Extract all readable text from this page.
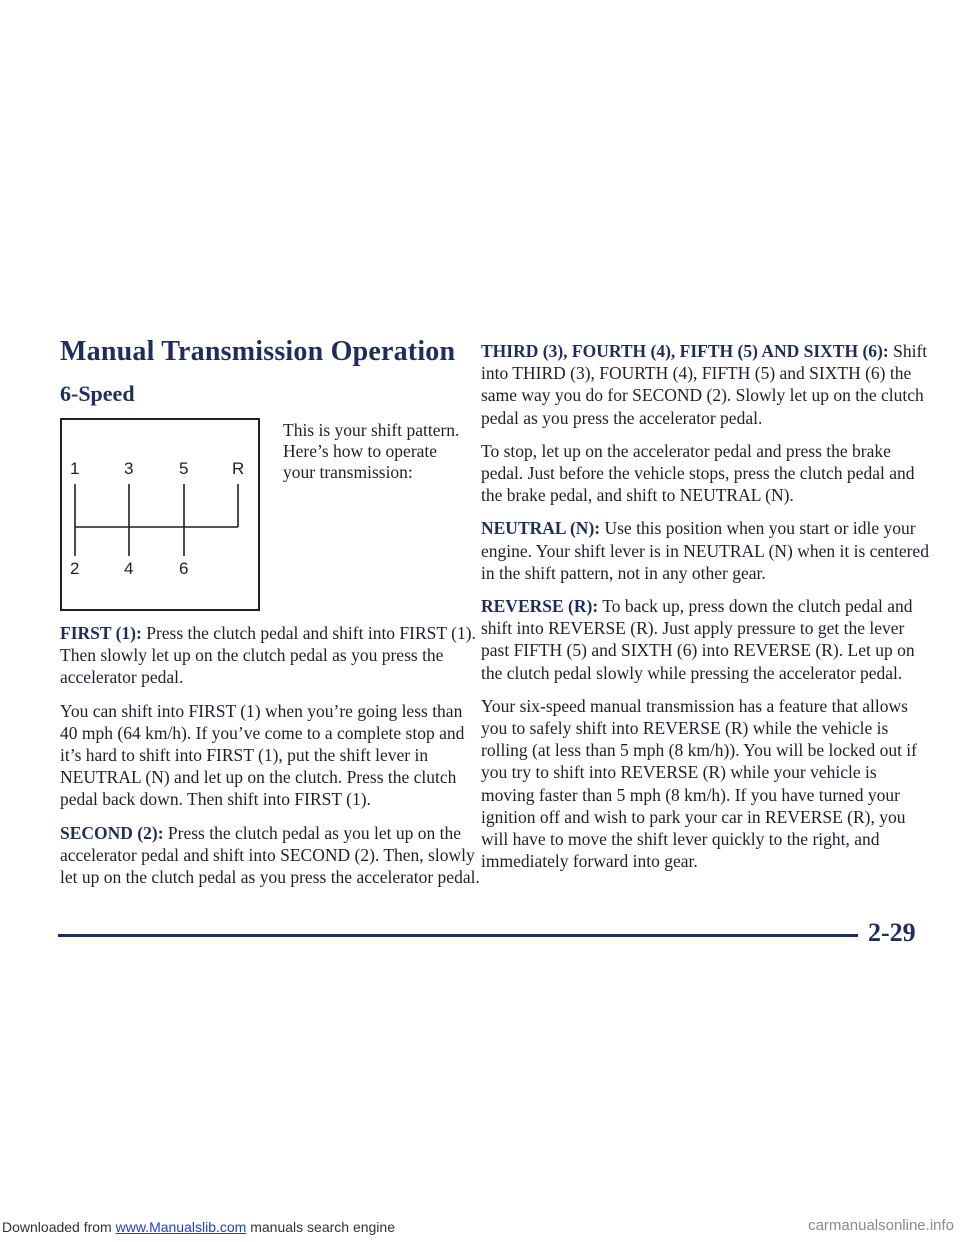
Manual Transmission Operation
6-Speed
1	3	5	R
2	4	6

This is your shift pattern. Here’s how to operate your transmission:

FIRST (1): Press the clutch pedal and shift into FIRST (1). Then slowly let up on the clutch pedal as you press the accelerator pedal.

You can shift into FIRST (1) when you’re going less than 40 mph (64 km/h). If you’ve come to a complete stop and it’s hard to shift into FIRST (1), put the shift lever in NEUTRAL (N) and let up on the clutch. Press the clutch pedal back down. Then shift into FIRST (1).

SECOND (2): Press the clutch pedal as you let up on the accelerator pedal and shift into SECOND (2). Then, slowly let up on the clutch pedal as you press the accelerator pedal.

THIRD (3), FOURTH (4), FIFTH (5) AND SIXTH (6): Shift into THIRD (3), FOURTH (4), FIFTH (5) and SIXTH (6) the same way you do for SECOND (2). Slowly let up on the clutch pedal as you press the accelerator pedal.

To stop, let up on the accelerator pedal and press the brake pedal. Just before the vehicle stops, press the clutch pedal and the brake pedal, and shift to NEUTRAL (N).

NEUTRAL (N): Use this position when you start or idle your engine. Your shift lever is in NEUTRAL (N) when it is centered in the shift pattern, not in any other gear.

REVERSE (R): To back up, press down the clutch pedal and shift into REVERSE (R). Just apply pressure to get the lever past FIFTH (5) and SIXTH (6) into REVERSE (R). Let up on the clutch pedal slowly while pressing the accelerator pedal.

Your six-speed manual transmission has a feature that allows you to safely shift into REVERSE (R) while the vehicle is rolling (at less than 5 mph (8 km/h)). You will be locked out if you try to shift into REVERSE (R) while your vehicle is moving faster than 5 mph (8 km/h). If you have turned your ignition off and wish to park your car in REVERSE (R), you will have to move the shift lever quickly to the right, and immediately forward into gear.

2-29
Downloaded from www.Manualslib.com manuals search engine	carmanualsonline.info
